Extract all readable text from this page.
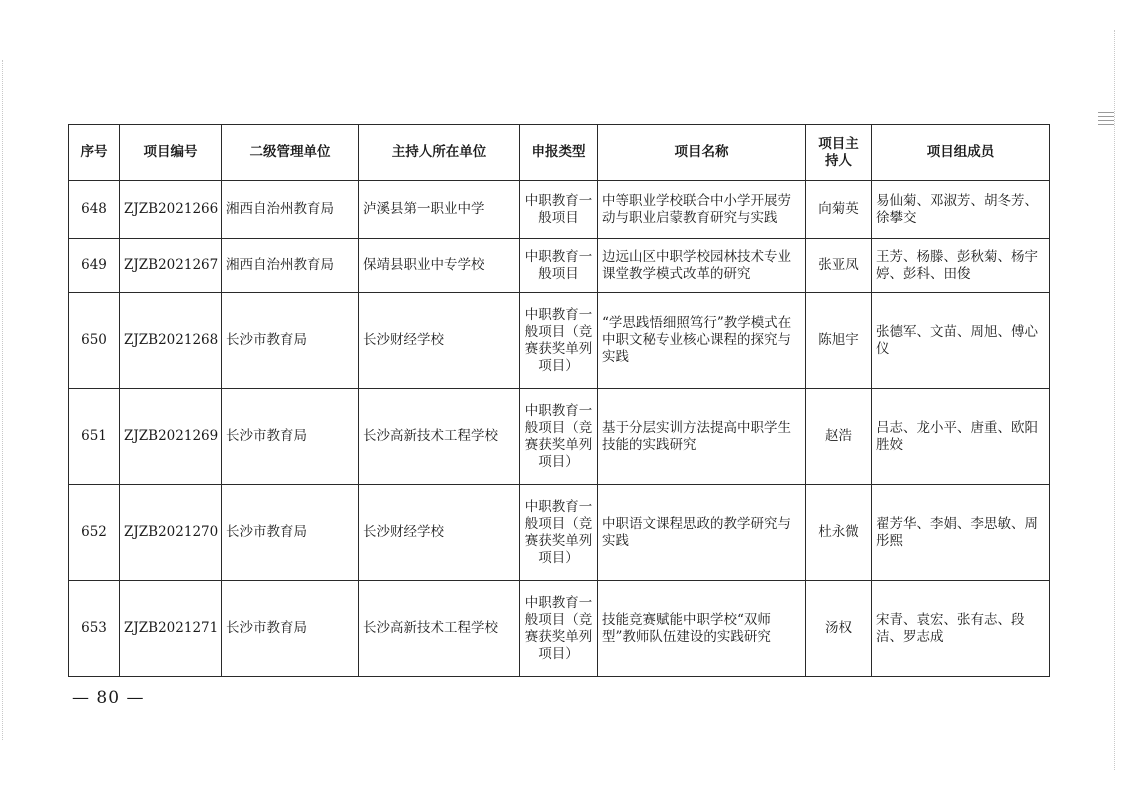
序号	项目编号	二级管理单位	主持人所在单位	申报类型	项目名称	项目主持人	项目组成员
648	ZJZB2021266	湘西自治州教育局	泸溪县第一职业中学	中职教育一般项目	中等职业学校联合中小学开展劳动与职业启蒙教育研究与实践	向菊英	易仙菊、邓淑芳、胡冬芳、徐攀交
649	ZJZB2021267	湘西自治州教育局	保靖县职业中专学校	中职教育一般项目	边远山区中职学校园林技术专业课堂教学模式改革的研究	张亚凤	王芳、杨滕、彭秋菊、杨宇婷、彭科、田俊
650	ZJZB2021268	长沙市教育局	长沙财经学校	中职教育一般项目（竞赛获奖单列项目）	“学思践悟细照笃行”教学模式在中职文秘专业核心课程的探究与实践	陈旭宇	张德军、文苗、周旭、傅心仪
651	ZJZB2021269	长沙市教育局	长沙高新技术工程学校	中职教育一般项目（竞赛获奖单列项目）	基于分层实训方法提高中职学生技能的实践研究	赵浩	吕志、龙小平、唐重、欧阳胜姣
652	ZJZB2021270	长沙市教育局	长沙财经学校	中职教育一般项目（竞赛获奖单列项目）	中职语文课程思政的教学研究与实践	杜永微	翟芳华、李娟、李思敏、周彤熙
653	ZJZB2021271	长沙市教育局	长沙高新技术工程学校	中职教育一般项目（竞赛获奖单列项目）	技能竞赛赋能中职学校“双师型”教师队伍建设的实践研究	汤权	宋青、袁宏、张有志、段洁、罗志成
— 80 —
